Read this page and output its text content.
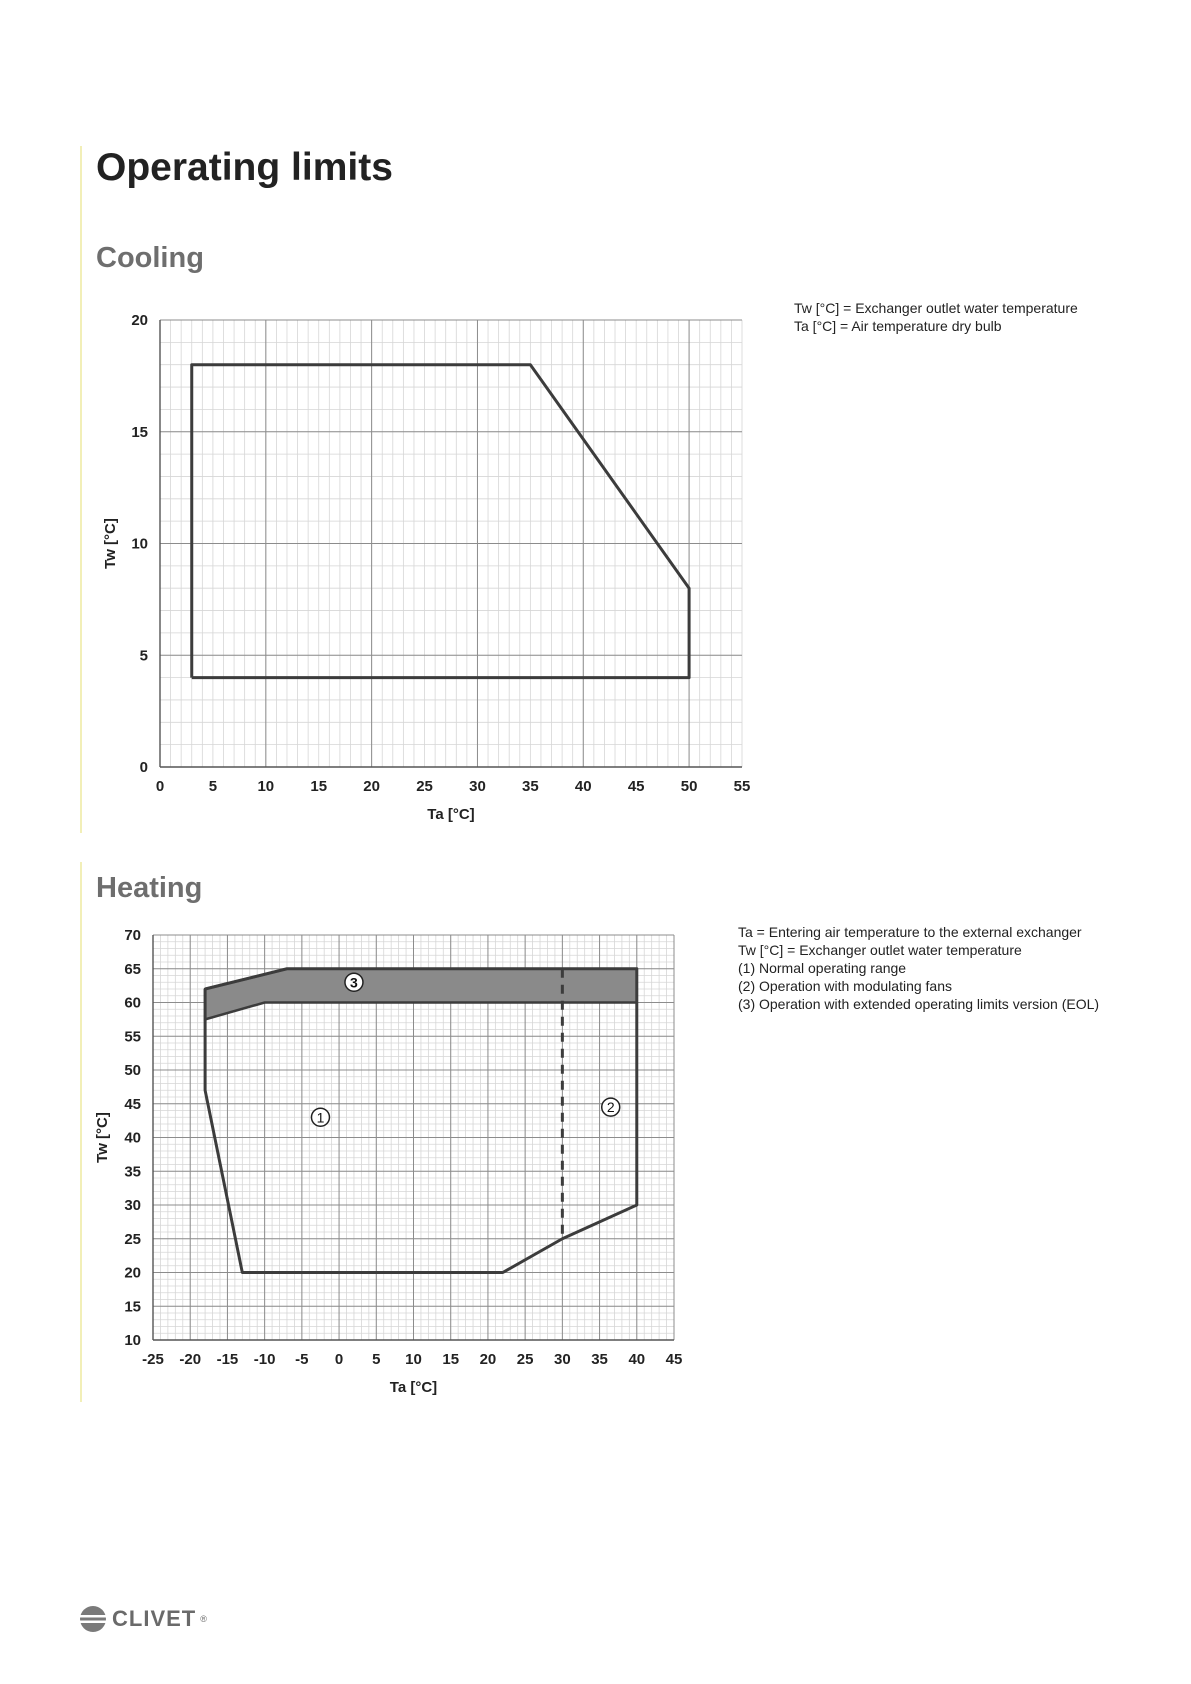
Operating limits
Cooling
0	5	10 15 20 25 30 35 40 45 50 55
0
5
10
15
20
Ta [°C]
Tw [°C]
Tw [°C] = Exchanger outlet water temperature
Ta [°C] = Air temperature dry bulb
Heating
3
1
2
-25 -20 -15 -10 -5 0 5 10 15 20 25 30 35 40 45
10
15
20
25
30
35
40
45
50
55
60
65
70
Ta [°C]
Tw [°C]
Ta = Entering air temperature to the external exchanger
Tw [°C] = Exchanger outlet water temperature
(1) Normal operating range
(2) Operation with modulating fans
(3) Operation with extended operating limits version (EOL)
CLIVET ®
